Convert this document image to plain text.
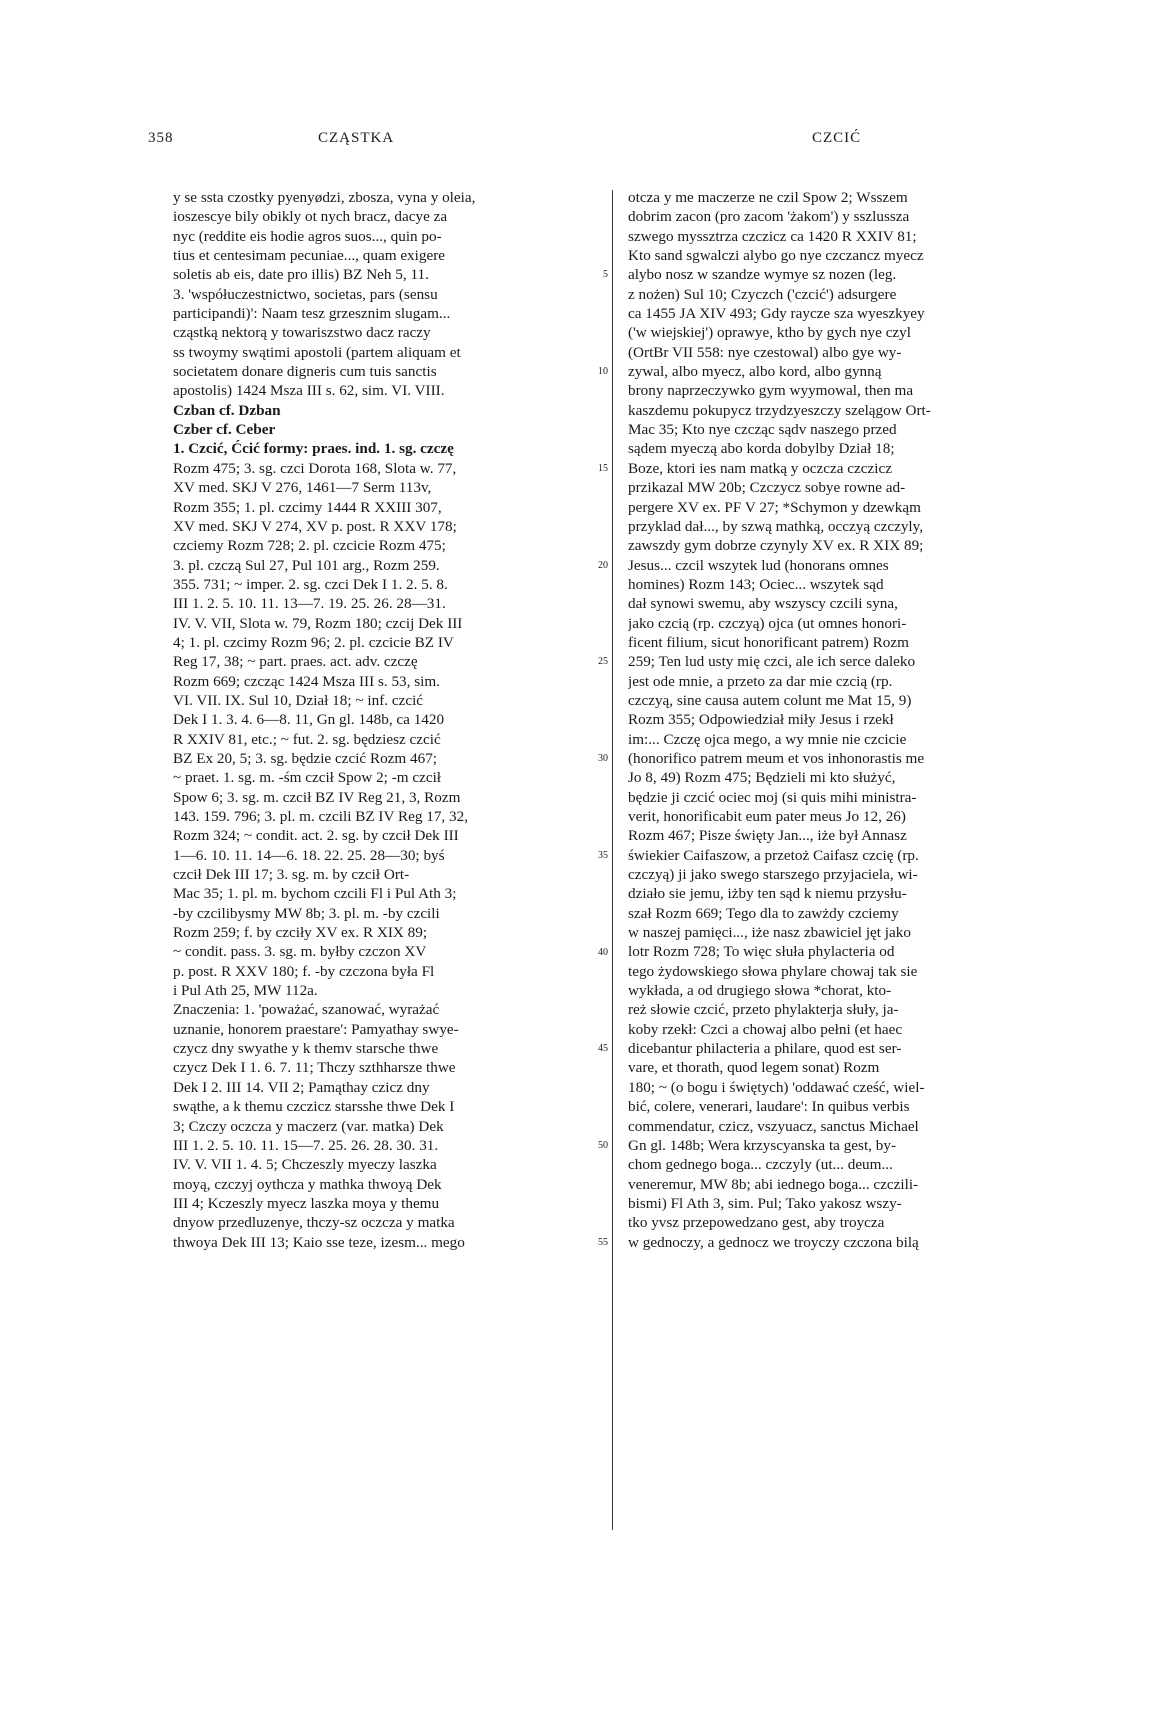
358	CZĄSTKA	CZCIĆ
y se ssta czostky pyenyødzi, zbosza, vyna y oleia,
ioszescye bily obikly ot nych bracz, dacye za
nyc (reddite eis hodie agros suos..., quin po-
tius et centesimam pecuniae..., quam exigere
soletis ab eis, date pro illis) BZ Neh 5, 11.
3. 'współuczestnictwo, societas, pars (sensu
participandi)': Naam tesz grzesznim slugam...
cząstką nektorą y towariszstwo dacz raczy
ss twoymy swątimi apostoli (partem aliquam et
societatem donare digneris cum tuis sanctis
apostolis) 1424 Msza III s. 62, sim. VI. VIII.
Czban cf. Dzban
Czber cf. Ceber
1. Czcić, Ćcić formy: praes. ind. 1. sg. czczę
Rozm 475; 3. sg. czci Dorota 168, Slota w. 77,
XV med. SKJ V 276, 1461—7 Serm 113v,
Rozm 355; 1. pl. czcimy 1444 R XXIII 307,
XV med. SKJ V 274, XV p. post. R XXV 178;
czciemy Rozm 728; 2. pl. czcicie Rozm 475;
3. pl. czczą Sul 27, Pul 101 arg., Rozm 259.
355. 731; ~ imper. 2. sg. czci Dek I 1. 2. 5. 8.
III 1. 2. 5. 10. 11. 13—7. 19. 25. 26. 28—31.
IV. V. VII, Slota w. 79, Rozm 180; czcij Dek III
4; 1. pl. czcimy Rozm 96; 2. pl. czcicie BZ IV
Reg 17, 38; ~ part. praes. act. adv. czczę
Rozm 669; czcząc 1424 Msza III s. 53, sim.
VI. VII. IX. Sul 10, Dział 18; ~ inf. czcić
Dek I 1. 3. 4. 6—8. 11, Gn gl. 148b, ca 1420
R XXIV 81, etc.; ~ fut. 2. sg. będziesz czcić
BZ Ex 20, 5; 3. sg. będzie czcić Rozm 467;
~ praet. 1. sg. m. -śm czcił Spow 2; -m czcił
Spow 6; 3. sg. m. czcił BZ IV Reg 21, 3, Rozm
143. 159. 796; 3. pl. m. czcili BZ IV Reg 17, 32,
Rozm 324; ~ condit. act. 2. sg. by czcił Dek III
1—6. 10. 11. 14—6. 18. 22. 25. 28—30; byś
czcił Dek III 17; 3. sg. m. by czcił Ort-
Mac 35; 1. pl. m. bychom czcili Fl i Pul Ath 3;
-by czcilibysmy MW 8b; 3. pl. m. -by czcili
Rozm 259; f. by czciły XV ex. R XIX 89;
~ condit. pass. 3. sg. m. byłby czczon XV
p. post. R XXV 180; f. -by czczona była Fl
i Pul Ath 25, MW 112a.
Znaczenia: 1. 'poważać, szanować, wyrażać
uznanie, honorem praestare': Pamyathay swye-
czycz dny swyathe y k themv starsche thwe
czycz Dek I 1. 6. 7. 11; Thczy szthharsze thwe
Dek I 2. III 14. VII 2; Pamąthay czicz dny
swąthe, a k themu czczicz starsshe thwe Dek I
3; Czczy oczcza y maczerz (var. matka) Dek
III 1. 2. 5. 10. 11. 15—7. 25. 26. 28. 30. 31.
IV. V. VII 1. 4. 5; Chczeszly myeczy laszka
moyą, czczyj oythcza y mathka thwoyą Dek
III 4; Kczeszly myecz laszka moya y themu
dnyow przedluzenye, thczy-sz oczcza y matka
thwoya Dek III 13; Kaio sse teze, izesm... mego
5
10
15
20
25
30
35
40
45
50
55
otcza y me maczerze ne czil Spow 2; Wsszem
dobrim zacon (pro zacom 'żakom') y sszlussza
szwego myssztrza czczicz ca 1420 R XXIV 81;
Kto sand sgwalczi alybo go nye czczancz myecz
alybo nosz w szandze wymye sz nozen (leg.
z nożen) Sul 10; Czyczch ('czcić') adsurgere
ca 1455 JA XIV 493; Gdy raycze sza wyeszkyey
('w wiejskiej') oprawye, ktho by gych nye czyl
(OrtBr VII 558: nye czestowal) albo gye wy-
zywal, albo myecz, albo kord, albo gynną
brony naprzeczywko gym wyymowal, then ma
kaszdemu pokupycz trzydzyeszczy szelągow Ort-
Mac 35; Kto nye czcząc sądv naszego przed
sądem myeczą abo korda dobylby Dział 18;
Boze, ktori ies nam matką y oczcza czczicz
przikazal MW 20b; Czczycz sobye rowne ad-
pergere XV ex. PF V 27; *Schymon y dzewkąm
przyklad dał..., by szwą mathką, occzyą czczyly,
zawszdy gym dobrze czynyly XV ex. R XIX 89;
Jesus... czcil wszytek lud (honorans omnes
homines) Rozm 143; Ociec... wszytek sąd
dał synowi swemu, aby wszyscy czcili syna,
jako czcią (rp. czczyą) ojca (ut omnes honori-
ficent filium, sicut honorificant patrem) Rozm
259; Ten lud usty mię czci, ale ich serce daleko
jest ode mnie, a przeto za dar mie czcią (rp.
czczyą, sine causa autem colunt me Mat 15, 9)
Rozm 355; Odpowiedział miły Jesus i rzekł
im:... Czczę ojca mego, a wy mnie nie czcicie
(honorifico patrem meum et vos inhonorastis me
Jo 8, 49) Rozm 475; Będzieli mi kto służyć,
będzie ji czcić ociec moj (si quis mihi ministra-
verit, honorificabit eum pater meus Jo 12, 26)
Rozm 467; Pisze święty Jan..., iże był Annasz
świekier Caifaszow, a przetoż Caifasz czcię (rp.
czczyą) ji jako swego starszego przyjaciela, wi-
działo sie jemu, iżby ten sąd k niemu przysłu-
szał Rozm 669; Tego dla to zawżdy czciemy
w naszej pamięci..., iże nasz zbawiciel jęt jako
lotr Rozm 728; To więc słuła phylacteria od
tego żydowskiego słowa phylare chowaj tak sie
wykłada, a od drugiego słowa *chorat, kto-
reż słowie czcić, przeto phylakterja słuły, ja-
koby rzekł: Czci a chowaj albo pełni (et haec
dicebantur philacteria a philare, quod est ser-
vare, et thorath, quod legem sonat) Rozm
180; ~ (o bogu i świętych) 'oddawać cześć, wiel-
bić, colere, venerari, laudare': In quibus verbis
commendatur, czicz, vszyuacz, sanctus Michael
Gn gl. 148b; Wera krzyscyanska ta gest, by-
chom gednego boga... czczyly (ut... deum...
veneremur, MW 8b; abi iednego boga... czczili-
bismi) Fl Ath 3, sim. Pul; Tako yakosz wszy-
tko yvsz przepowedzano gest, aby troycza
w gednoczy, a gednocz we troyczy czczona bilą
